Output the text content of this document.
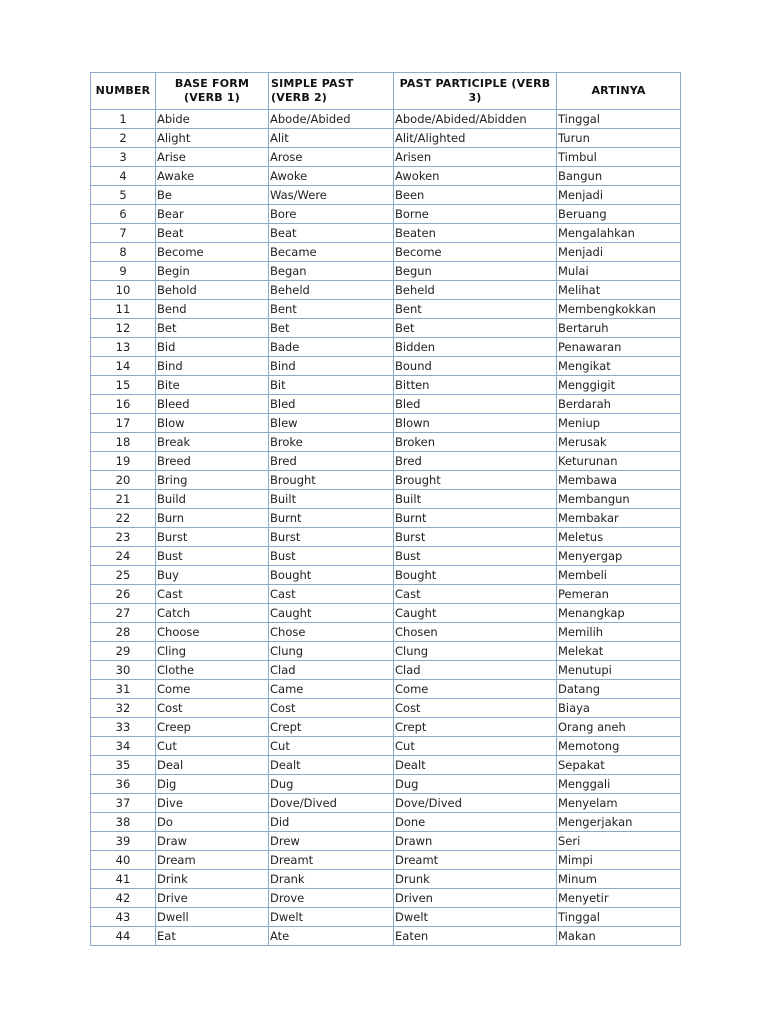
NUMBER	BASE FORM (VERB 1)	SIMPLE PAST (VERB 2)	PAST PARTICIPLE (VERB 3)	ARTINYA
1	Abide	Abode/Abided	Abode/Abided/Abidden	Tinggal
2	Alight	Alit	Alit/Alighted	Turun
3	Arise	Arose	Arisen	Timbul
4	Awake	Awoke	Awoken	Bangun
5	Be	Was/Were	Been	Menjadi
6	Bear	Bore	Borne	Beruang
7	Beat	Beat	Beaten	Mengalahkan
8	Become	Became	Become	Menjadi
9	Begin	Began	Begun	Mulai
10	Behold	Beheld	Beheld	Melihat
11	Bend	Bent	Bent	Membengkokkan
12	Bet	Bet	Bet	Bertaruh
13	Bid	Bade	Bidden	Penawaran
14	Bind	Bind	Bound	Mengikat
15	Bite	Bit	Bitten	Menggigit
16	Bleed	Bled	Bled	Berdarah
17	Blow	Blew	Blown	Meniup
18	Break	Broke	Broken	Merusak
19	Breed	Bred	Bred	Keturunan
20	Bring	Brought	Brought	Membawa
21	Build	Built	Built	Membangun
22	Burn	Burnt	Burnt	Membakar
23	Burst	Burst	Burst	Meletus
24	Bust	Bust	Bust	Menyergap
25	Buy	Bought	Bought	Membeli
26	Cast	Cast	Cast	Pemeran
27	Catch	Caught	Caught	Menangkap
28	Choose	Chose	Chosen	Memilih
29	Cling	Clung	Clung	Melekat
30	Clothe	Clad	Clad	Menutupi
31	Come	Came	Come	Datang
32	Cost	Cost	Cost	Biaya
33	Creep	Crept	Crept	Orang aneh
34	Cut	Cut	Cut	Memotong
35	Deal	Dealt	Dealt	Sepakat
36	Dig	Dug	Dug	Menggali
37	Dive	Dove/Dived	Dove/Dived	Menyelam
38	Do	Did	Done	Mengerjakan
39	Draw	Drew	Drawn	Seri
40	Dream	Dreamt	Dreamt	Mimpi
41	Drink	Drank	Drunk	Minum
42	Drive	Drove	Driven	Menyetir
43	Dwell	Dwelt	Dwelt	Tinggal
44	Eat	Ate	Eaten	Makan
